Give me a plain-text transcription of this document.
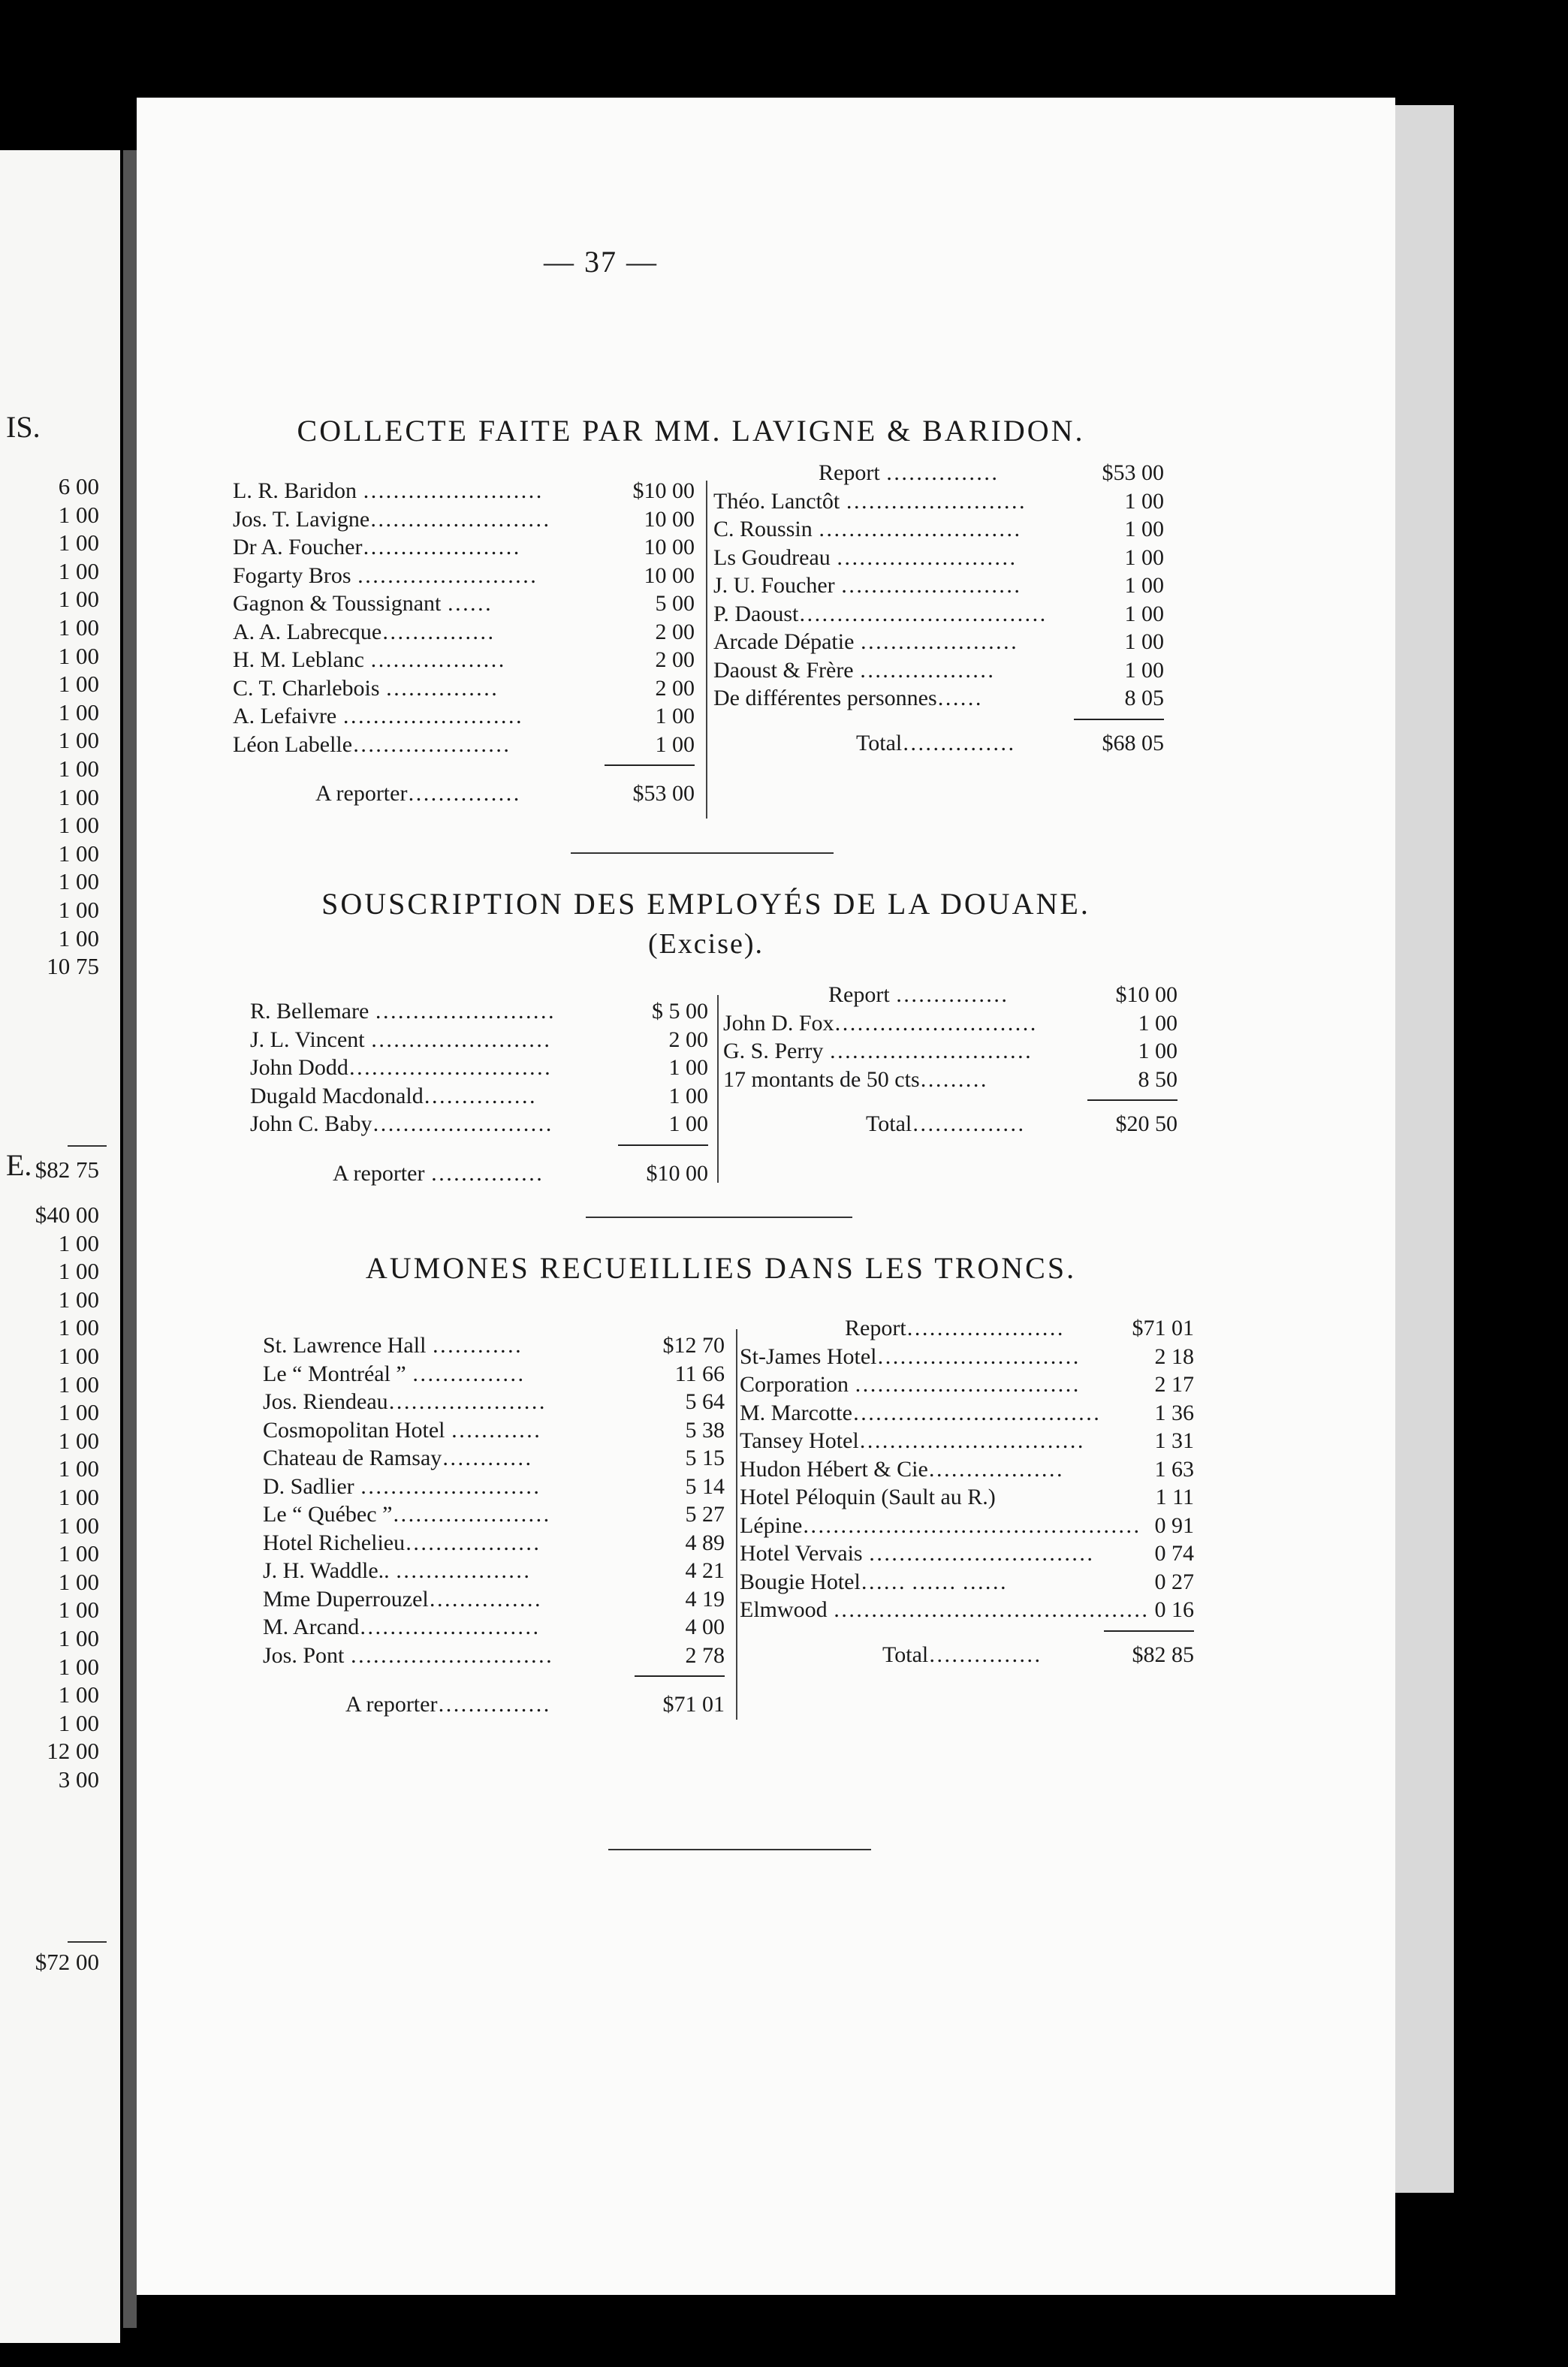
IS.
6 00
1 00
1 00
1 00
1 00
1 00
1 00
1 00
1 00
1 00
1 00
1 00
1 00
1 00
1 00
1 00
1 00
10 75
$82 75
E.
$40 00
1 00
1 00
1 00
1 00
1 00
1 00
1 00
1 00
1 00
1 00
1 00
1 00
1 00
1 00
1 00
1 00
1 00
1 00
12 00
3 00
$72 00
— 37 —
COLLECTE FAITE PAR MM. LAVIGNE & BARIDON.
L. R. Baridon ……………………	$10 00
Jos. T. Lavigne……………………	10 00
Dr A. Foucher…………………	10 00
Fogarty Bros ……………………	10 00
Gagnon & Toussignant ……	5 00
A. A. Labrecque……………	2 00
H. M. Leblanc ………………	2 00
C. T. Charlebois ……………	2 00
A. Lefaivre ……………………	1 00
Léon Labelle…………………	1 00
A reporter……………	$53 00
Report ……………	$53 00
Théo. Lanctôt ……………………	1 00
C. Roussin ………………………	1 00
Ls Goudreau ……………………	1 00
J. U. Foucher ……………………	1 00
P. Daoust……………………………	1 00
Arcade Dépatie …………………	1 00
Daoust & Frère ………………	1 00
De différentes personnes……	8 05
Total……………	$68 05
SOUSCRIPTION DES EMPLOYÉS DE LA DOUANE.
(Excise).
R. Bellemare ……………………	$ 5 00
J. L. Vincent ……………………	2 00
John Dodd………………………	1 00
Dugald Macdonald……………	1 00
John C. Baby……………………	1 00
A reporter ……………	$10 00
Report ……………	$10 00
John D. Fox………………………	1 00
G. S. Perry ………………………	1 00
17 montants de 50 cts………	8 50
Total……………	$20 50
AUMONES RECUEILLIES DANS LES TRONCS.
St. Lawrence Hall …………	$12 70
Le “ Montréal ” ……………	11 66
Jos. Riendeau…………………	5 64
Cosmopolitan Hotel …………	5 38
Chateau de Ramsay…………	5 15
D. Sadlier ……………………	5 14
Le “ Québec ”…………………	5 27
Hotel Richelieu………………	4 89
J. H. Waddle.. ………………	4 21
Mme Duperrouzel……………	4 19
M. Arcand……………………	4 00
Jos. Pont ………………………	2 78
A reporter……………	$71 01
Report…………………	$71 01
St-James Hotel………………………	2 18
Corporation …………………………	2 17
M. Marcotte…………………………… 1 36
Tansey Hotel…………………………	1 31
Hudon Hébert & Cie………………	1 63
Hotel Péloquin (Sault au R.)	1 11
Lépine……………………………………… 0 91
Hotel Vervais …………………………	0 74
Bougie Hotel…… …… ……	0 27
Elmwood …………………………………… 0 16
Total……………	$82 85
